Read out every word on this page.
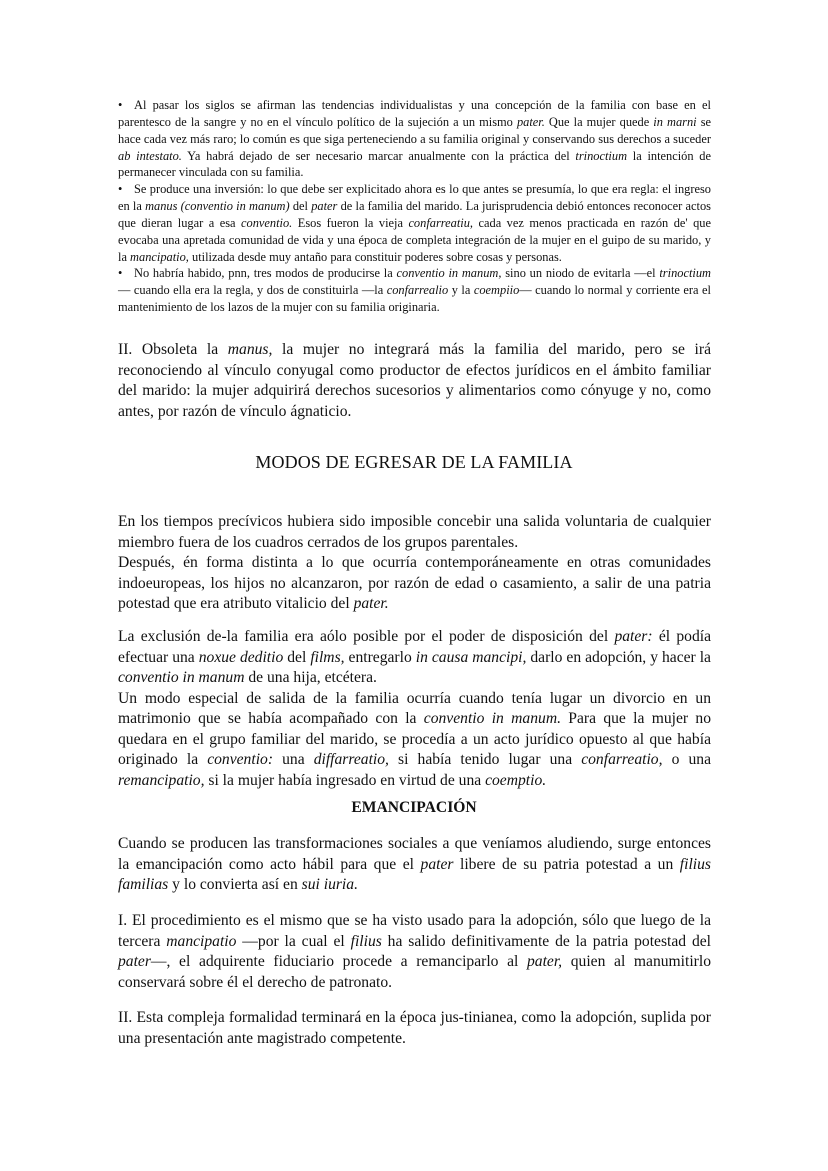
• Al pasar los siglos se afirman las tendencias individualistas y una concepción de la familia con base en el parentesco de la sangre y no en el vínculo político de la sujeción a un mismo pater. Que la mujer quede in marni se hace cada vez más raro; lo común es que siga perteneciendo a su familia original y conservando sus derechos a suceder ab intestato. Ya habrá dejado de ser necesario marcar anualmente con la práctica del trinoctium la intención de permanecer vinculada con su familia.

• Se produce una inversión: lo que debe ser explicitado ahora es lo que antes se presumía, lo que era regla: el ingreso en la manus (conventio in manum) del pater de la familia del marido. La jurisprudencia debió entonces reconocer actos que dieran lugar a esa conventio. Esos fueron la vieja confarreatiu, cada vez menos practicada en razón de' que evocaba una apretada comunidad de vida y una época de completa integración de la mujer en el guipo de su marido, y la mancipatio, utilizada desde muy antaño para constituir poderes sobre cosas y personas.

• No habría habido, pnn, tres modos de producirse la conventio in manum, sino un niodo de evitarla —el trinoctium— cuando ella era la regla, y dos de constituirla —la confarrealio y la coempiio— cuando lo normal y corriente era el mantenimiento de los lazos de la mujer con su familia originaria.

II. Obsoleta la manus, la mujer no integrará más la familia del marido, pero se irá reconociendo al vínculo conyugal como productor de efectos jurídicos en el ámbito familiar del marido: la mujer adquirirá derechos sucesorios y alimentarios como cónyuge y no, como antes, por razón de vínculo ágnaticio.

MODOS DE EGRESAR DE LA FAMILIA

En los tiempos precívicos hubiera sido imposible concebir una salida voluntaria de cualquier miembro fuera de los cuadros cerrados de los grupos parentales.

Después, én forma distinta a lo que ocurría contemporáneamente en otras comunidades indoeuropeas, los hijos no alcanzaron, por razón de edad o casamiento, a salir de una patria potestad que era atributo vitalicio del pater.

La exclusión de-la familia era aólo posible por el poder de disposición del pater: él podía efectuar una noxue deditio del films, entregarlo in causa mancipi, darlo en adopción, y hacer la conventio in manum de una hija, etcétera.

Un modo especial de salida de la familia ocurría cuando tenía lugar un divorcio en un matrimonio que se había acompañado con la conventio in manum. Para que la mujer no quedara en el grupo familiar del marido, se procedía a un acto jurídico opuesto al que había originado la conventio: una diffarreatio, si había tenido lugar una confarreatio, o una remancipatio, si la mujer había ingresado en virtud de una coemptio.

EMANCIPACIÓN

Cuando se producen las transformaciones sociales a que veníamos aludiendo, surge entonces la emancipación como acto hábil para que el pater libere de su patria potestad a un filius familias y lo convierta así en sui iuria.

I. El procedimiento es el mismo que se ha visto usado para la adopción, sólo que luego de la tercera mancipatio —por la cual el filius ha salido definitivamente de la patria potestad del pater—, el adquirente fiduciario procede a remanciparlo al pater, quien al manumitirlo conservará sobre él el derecho de patronato.

II. Esta compleja formalidad terminará en la época jus-tinianea, como la adopción, suplida por una presentación ante magistrado competente.
